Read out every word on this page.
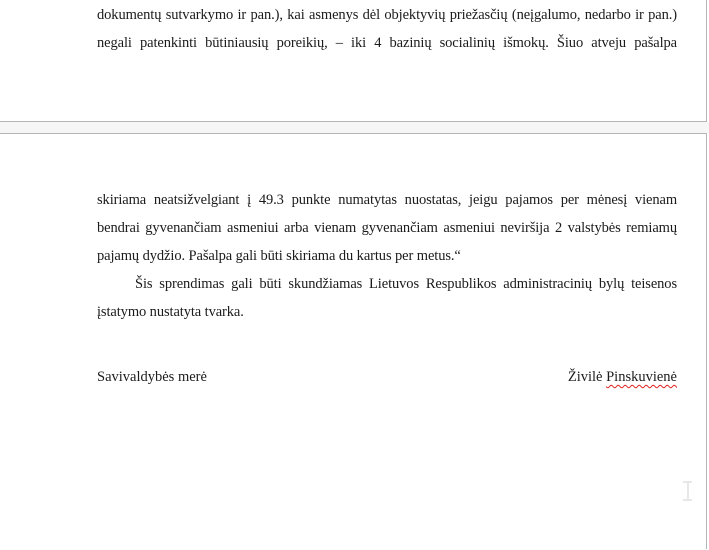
dokumentų sutvarkymo ir pan.), kai asmenys dėl objektyvių priežasčių (neįgalumo, nedarbo ir pan.)
negali patenkinti būtiniausių poreikių, – iki 4 bazinių socialinių išmokų. Šiuo atveju pašalpa
skiriama neatsižvelgiant į 49.3 punkte numatytas nuostatas, jeigu pajamos per mėnesį vienam
bendrai gyvenančiam asmeniui arba vienam gyvenančiam asmeniui neviršija 2 valstybės remiamų
pajamų dydžio. Pašalpa gali būti skiriama du kartus per metus.“
Šis sprendimas gali būti skundžiamas Lietuvos Respublikos administracinių bylų teisenos
įstatymo nustatyta tvarka.
Savivaldybės merė	Živilė Pinskuvienė
